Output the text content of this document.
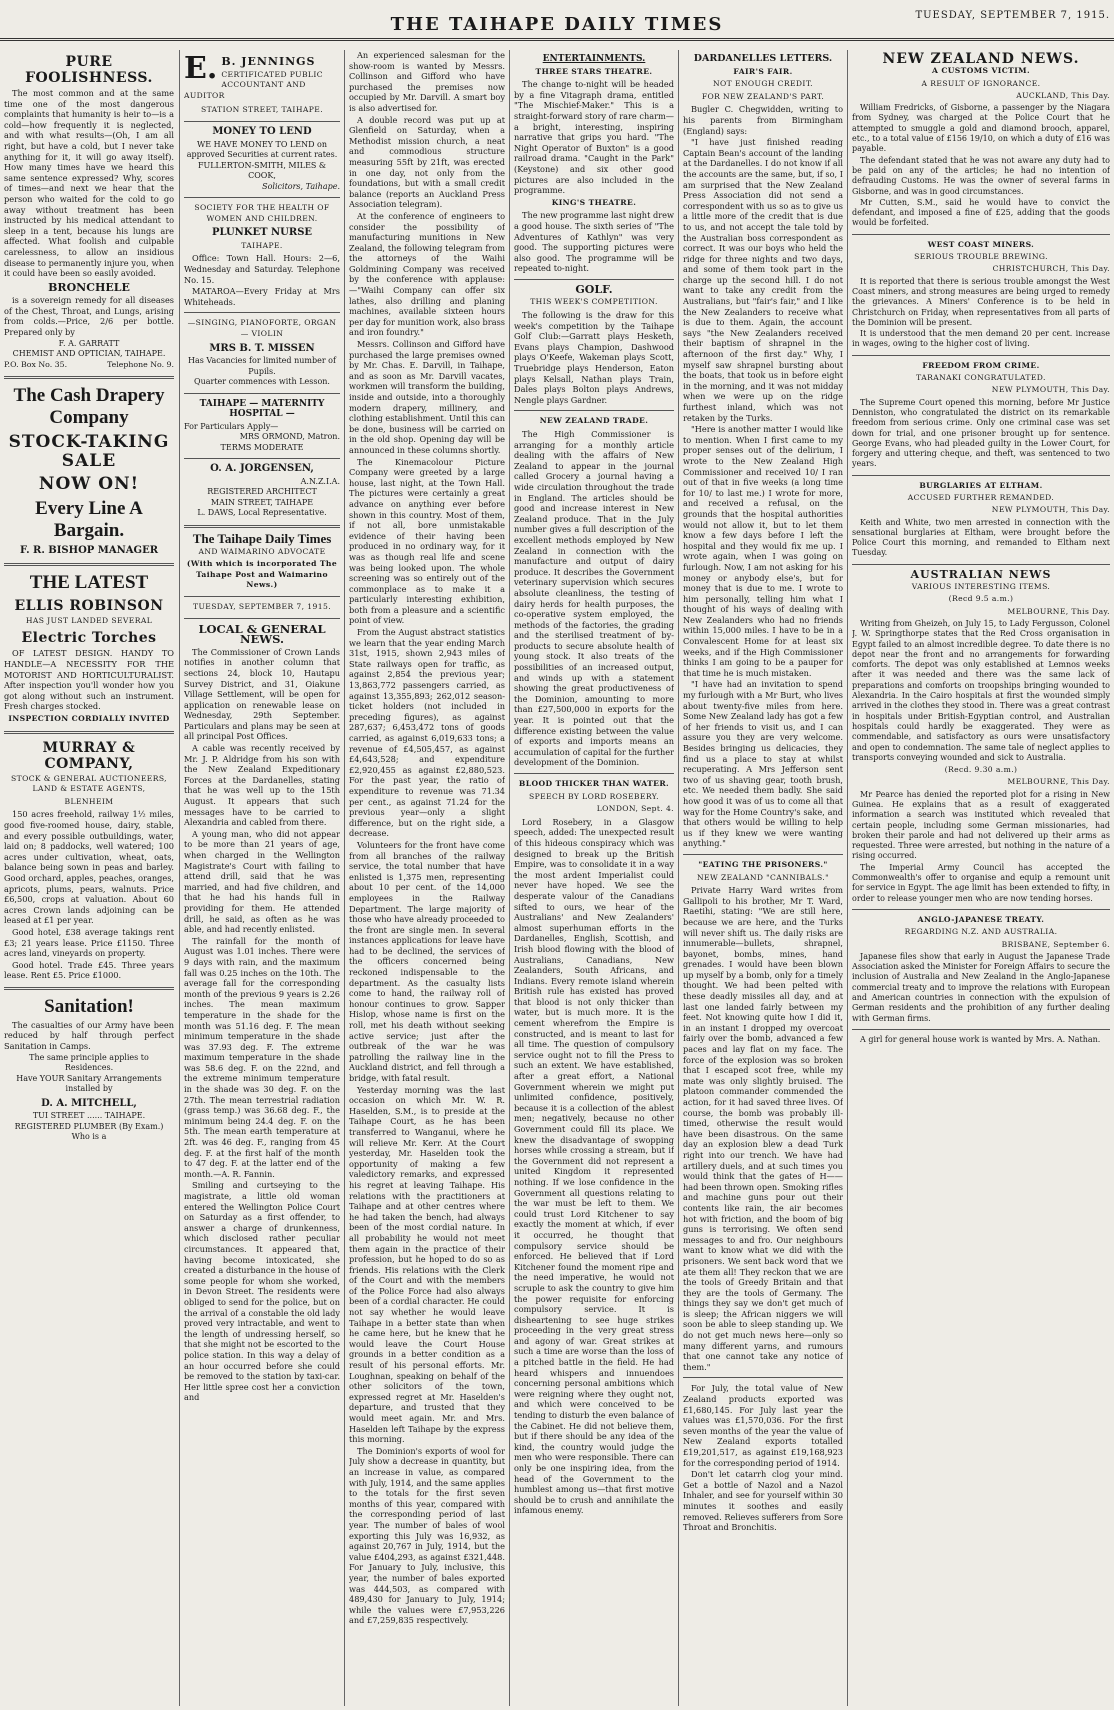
THE TAIHAPE DAILY TIMES	TUESDAY, SEPTEMBER 7, 1915.
PURE FOOLISHNESS.

The most common and at the same time one of the most dangerous complaints that humanity is heir to—is a cold—how frequently it is neglected, and with what results—(Oh, I am all right, but have a cold, but I never take anything for it, it will go away itself). How many times have we heard this same sentence expressed? Why, scores of times—and next we hear that the person who waited for the cold to go away without treatment has been instructed by his medical attendant to sleep in a tent, because his lungs are affected. What foolish and culpable carelessness, to allow an insidious disease to permanently injure you, when it could have been so easily avoided.

BRONCHELE

is a sovereign remedy for all diseases of the Chest, Throat, and Lungs, arising from colds.—Price, 2/6 per bottle. Prepared only by

F. A. GARRATT
CHEMIST AND OPTICIAN, TAIHAPE.
P.O. Box No. 35.	Telephone No. 9.
The Cash Drapery Company
STOCK-TAKING SALE
NOW ON!
Every Line A Bargain.
F. R. BISHOP MANAGER
THE LATEST
ELLIS ROBINSON
HAS JUST LANDED SEVERAL
Electric Torches

OF LATEST DESIGN. HANDY TO HANDLE—A NECESSITY FOR THE MOTORIST AND HORTICULTURALIST. After inspection you'll wonder how you got along without such an instrument. Fresh charges stocked.

INSPECTION CORDIALLY INVITED
MURRAY & COMPANY,
STOCK & GENERAL AUCTIONEERS, LAND & ESTATE AGENTS,
BLENHEIM

150 acres freehold, railway 1½ miles, good five-roomed house, dairy, stable, and every possible outbuildings, water, laid on; 8 paddocks, well watered; 100 acres under cultivation, wheat, oats, balance being sown in peas and barley. Good orchard, apples, peaches, oranges, apricots, plums, pears, walnuts. Price £6,500, crops at valuation. About 60 acres Crown lands adjoining can be leased at £1 per year.

Good hotel, £38 average takings rent £3; 21 years lease. Price £1150. Three acres land, vineyards on property.

Good hotel. Trade £45. Three years lease. Rent £5. Price £1000.

Sanitation!

The casualties of our Army have been reduced by half through perfect Sanitation in Camps.

The same principle applies to Residences.
Have YOUR Sanitary Arrangements installed by
D. A. MITCHELL,
TUI STREET ...... TAIHAPE.
REGISTERED PLUMBER (By Exam.)
Who is a
E. B. JENNINGS
CERTIFICATED PUBLIC ACCOUNTANT AND AUDITOR
STATION STREET, TAIHAPE.
MONEY TO LEND
WE HAVE MONEY TO LEND on approved Securities at current rates.
FULLERTON-SMITH, MILES & COOK,
Solicitors, Taihape.
SOCIETY FOR THE HEALTH OF WOMEN AND CHILDREN.
PLUNKET NURSE
TAIHAPE.

Office: Town Hall. Hours: 2—6, Wednesday and Saturday. Telephone No. 15.

MATAROA—Every Friday at Mrs Whiteheads.

—SINGING, PIANOFORTE, ORGAN— VIOLIN
MRS B. T. MISSEN
Has Vacancies for limited number of Pupils.
Quarter commences with Lesson.
TAIHAPE — MATERNITY HOSPITAL —
For Particulars Apply—
MRS ORMOND, Matron.
TERMS MODERATE
O. A. JORGENSEN,
A.N.Z.I.A.
REGISTERED ARCHITECT
MAIN STREET, TAIHAPE
L. DAWS, Local Representative.
The Taihape Daily Times
AND WAIMARINO ADVOCATE
(With which is incorporated The Taihape Post and Waimarino News.)
TUESDAY, SEPTEMBER 7, 1915.
LOCAL & GENERAL NEWS.

The Commissioner of Crown Lands notifies in another column that sections 24, block 10, Hautapu Survey District, and 31, Oiakune Village Settlement, will be open for application on renewable lease on Wednesday, 29th September. Particulars and plans may be seen at all principal Post Offices.

A cable was recently received by Mr. J. P. Aldridge from his son with the New Zealand Expeditionary Forces at the Dardanelles, stating that he was well up to the 15th August. It appears that such messages have to be carried to Alexandria and cabled from there.

A young man, who did not appear to be more than 21 years of age, when charged in the Wellington Magistrate's Court with failing to attend drill, said that he was married, and had five children, and that he had his hands full in providing for them. He attended drill, he said, as often as he was able, and had recently enlisted.

The rainfall for the month of August was 1.01 inches. There were 9 days with rain, and the maximum fall was 0.25 inches on the 10th. The average fall for the corresponding month of the previous 9 years is 2.26 inches. The mean maximum temperature in the shade for the month was 51.16 deg. F. The mean minimum temperature in the shade was 37.93 deg. F. The extreme maximum temperature in the shade was 58.6 deg. F. on the 22nd, and the extreme minimum temperature in the shade was 30 deg. F. on the 27th. The mean terrestrial radiation (grass temp.) was 36.68 deg. F., the minimum being 24.4 deg. F. on the 5th. The mean earth temperature at 2ft. was 46 deg. F., ranging from 45 deg. F. at the first half of the month to 47 deg. F. at the latter end of the month.—A. R. Fannin.

Smiling and curtseying to the magistrate, a little old woman entered the Wellington Police Court on Saturday as a first offender, to answer a charge of drunkenness, which disclosed rather peculiar circumstances. It appeared that, having become intoxicated, she created a disturbance in the house of some people for whom she worked, in Devon Street. The residents were obliged to send for the police, but on the arrival of a constable the old lady proved very intractable, and went to the length of undressing herself, so that she might not be escorted to the police station. In this way a delay of an hour occurred before she could be removed to the station by taxi-car. Her little spree cost her a conviction and

An experienced salesman for the show-room is wanted by Messrs. Collinson and Gifford who have purchased the premises now occupied by Mr. Darvill. A smart boy is also advertised for.

A double record was put up at Glenfield on Saturday, when a Methodist mission church, a neat and commodious structure measuring 55ft by 21ft, was erected in one day, not only from the foundations, but with a small credit balance (reports an Auckland Press Association telegram).

At the conference of engineers to consider the possibility of manufacturing munitions in New Zealand, the following telegram from the attorneys of the Waihi Goldmining Company was received by the conference with applause:—"Waihi Company can offer six lathes, also drilling and planing machines, available sixteen hours per day for munition work, also brass and iron foundry."

Messrs. Collinson and Gifford have purchased the large premises owned by Mr. Chas. E. Darvill, in Taihape, and as soon as Mr. Darvill vacates, workmen will transform the building, inside and outside, into a thoroughly modern drapery, millinery, and clothing establishment. Until this can be done, business will be carried on in the old shop. Opening day will be announced in these columns shortly.

The Kinemacolour Picture Company were greeted by a large house, last night, at the Town Hall. The pictures were certainly a great advance on anything ever before shown in this country. Most of them, if not all, bore unmistakable evidence of their having been produced in no ordinary way, for it was as though real life and scene was being looked upon. The whole screening was so entirely out of the commonplace as to make it a particularly interesting exhibition, both from a pleasure and a scientific point of view.

From the August abstract statistics we learn that the year ending March 31st, 1915, shown 2,943 miles of State railways open for traffic, as against 2,854 the previous year; 13,863,772 passengers carried, as against 13,355,893; 262,012 season-ticket holders (not included in preceding figures), as against 287,637; 6,453,472 tons of goods carried, as against 6,019,633 tons; a revenue of £4,505,457, as against £4,643,528; and expenditure £2,920,455 as against £2,880,523. For the past year, the ratio of expenditure to revenue was 71.34 per cent., as against 71.24 for the previous year—only a slight difference, but on the right side, a decrease.

Volunteers for the front have come from all branches of the railway service, the total number that have enlisted is 1,375 men, representing about 10 per cent. of the 14,000 employees in the Railway Department. The large majority of those who have already proceeded to the front are single men. In several instances applications for leave have had to be declined, the services of the officers concerned being reckoned indispensable to the department. As the casualty lists come to hand, the railway roll of honour continues to grow. Sapper Hislop, whose name is first on the roll, met his death without seeking active service; just after the outbreak of the war he was patrolling the railway line in the Auckland district, and fell through a bridge, with fatal result.

Yesterday morning was the last occasion on which Mr. W. R. Haselden, S.M., is to preside at the Taihape Court, as he has been transferred to Wanganui, where he will relieve Mr. Kerr. At the Court yesterday, Mr. Haselden took the opportunity of making a few valedictory remarks, and expressed his regret at leaving Taihape. His relations with the practitioners at Taihape and at other centres where he had taken the bench, had always been of the most cordial nature. In all probability he would not meet them again in the practice of their profession, but he hoped to do so as friends. His relations with the Clerk of the Court and with the members of the Police Force had also always been of a cordial character. He could not say whether he would leave Taihape in a better state than when he came here, but he knew that he would leave the Court House grounds in a better condition as a result of his personal efforts. Mr. Loughnan, speaking on behalf of the other solicitors of the town, expressed regret at Mr. Haselden's departure, and trusted that they would meet again. Mr. and Mrs. Haselden left Taihape by the express this morning.

The Dominion's exports of wool for July show a decrease in quantity, but an increase in value, as compared with July, 1914, and the same applies to the totals for the first seven months of this year, compared with the corresponding period of last year. The number of bales of wool exporting this July was 16,932, as against 20,767 in July, 1914, but the value £404,293, as against £321,448. For January to July, inclusive, this year, the number of bales exported was 444,503, as compared with 489,430 for January to July, 1914; while the values were £7,953,226 and £7,259,835 respectively.

ENTERTAINMENTS.
THREE STARS THEATRE.

The change to-night will be headed by a fine Vitagraph drama, entitled "The Mischief-Maker." This is a straight-forward story of rare charm—a bright, interesting, inspiring narrative that grips you hard. "The Night Operator of Buxton" is a good railroad drama. "Caught in the Park" (Keystone) and six other good pictures are also included in the programme.

KING'S THEATRE.

The new programme last night drew a good house. The sixth series of "The Adventures of Kathlyn" was very good. The supporting pictures were also good. The programme will be repeated to-night.

GOLF.
THIS WEEK'S COMPETITION.

The following is the draw for this week's competition by the Taihape Golf Club:—Garratt plays Hesketh, Evans plays Champion, Dashwood plays O'Keefe, Wakeman plays Scott, Truebridge plays Henderson, Eaton plays Kelsall, Nathan plays Train, Dales plays Bolton plays Andrews, Nengle plays Gardner.

NEW ZEALAND TRADE.

The High Commissioner is arranging for a monthly article dealing with the affairs of New Zealand to appear in the journal called Grocery a journal having a wide circulation throughout the trade in England. The articles should be good and increase interest in New Zealand produce. That in the July number gives a full description of the excellent methods employed by New Zealand in connection with the manufacture and output of dairy produce. It describes the Government veterinary supervision which secures absolute cleanliness, the testing of dairy herds for health purposes, the co-operative system employed, the methods of the factories, the grading and the sterilised treatment of by-products to secure absolute health of young stock. It also treats of the possibilities of an increased output, and winds up with a statement showing the great productiveness of the Dominion, amounting to more than £27,500,000 in exports for the year. It is pointed out that the difference existing between the value of exports and imports means an accumulation of capital for the further development of the Dominion.

BLOOD THICKER THAN WATER.
SPEECH BY LORD ROSEBERY.
LONDON, Sept. 4.

Lord Rosebery, in a Glasgow speech, added: The unexpected result of this hideous conspiracy which was designed to break up the British Empire, was to consolidate it in a way the most ardent Imperialist could never have hoped. We see the desperate valour of the Canadians sifted to ours, we hear of the Australians' and New Zealanders' almost superhuman efforts in the Dardanelles, English, Scottish, and Irish blood flowing with the blood of Australians, Canadians, New Zealanders, South Africans, and Indians. Every remote island wherein British rule has existed has proved that blood is not only thicker than water, but is much more. It is the cement wherefrom the Empire is constructed, and is meant to last for all time. The question of compulsory service ought not to fill the Press to such an extent. We have established, after a great effort, a National Government wherein we might put unlimited confidence, positively, because it is a collection of the ablest men; negatively, because no other Government could fill its place. We knew the disadvantage of swopping horses while crossing a stream, but if the Government did not represent a united Kingdom it represented nothing. If we lose confidence in the Government all questions relating to the war must be left to them. We could trust Lord Kitchener to say exactly the moment at which, if ever it occurred, he thought that compulsory service should be enforced. He believed that if Lord Kitchener found the moment ripe and the need imperative, he would not scruple to ask the country to give him the power requisite for enforcing compulsory service. It is disheartening to see huge strikes proceeding in the very great stress and agony of war. Great strikes at such a time are worse than the loss of a pitched battle in the field. He had heard whispers and innuendoes concerning personal ambitions which were reigning where they ought not, and which were conceived to be tending to disturb the even balance of the Cabinet. He did not believe them, but if there should be any idea of the kind, the country would judge the men who were responsible. There can only be one inspiring idea, from the head of the Government to the humblest among us—that first motive should be to crush and annihilate the infamous enemy.

DARDANELLES LETTERS.
FAIR'S FAIR.
NOT ENOUGH CREDIT.
FOR NEW ZEALAND'S PART.

Bugler C. Chegwidden, writing to his parents from Birmingham (England) says:

"I have just finished reading Captain Bean's account of the landing at the Dardanelles. I do not know if all the accounts are the same, but, if so, I am surprised that the New Zealand Press Association did not send a correspondent with us so as to give us a little more of the credit that is due to us, and not accept the tale told by the Australian boss correspondent as correct. It was our boys who held the ridge for three nights and two days, and some of them took part in the charge up the second hill. I do not want to take any credit from the Australians, but "fair's fair," and I like the New Zealanders to receive what is due to them. Again, the account says "the New Zealanders received their baptism of shrapnel in the afternoon of the first day." Why, I myself saw shrapnel bursting about the boats, that took us in before eight in the morning, and it was not midday when we were up on the ridge furthest inland, which was not retaken by the Turks.

"Here is another matter I would like to mention. When I first came to my proper senses out of the delirium, I wrote to the New Zealand High Commissioner and received 10/ I ran out of that in five weeks (a long time for 10/ to last me.) I wrote for more, and received a refusal, on the grounds that the hospital authorities would not allow it, but to let them know a few days before I left the hospital and they would fix me up. I wrote again, when I was going on furlough. Now, I am not asking for his money or anybody else's, but for money that is due to me. I wrote to him personally, telling him what I thought of his ways of dealing with New Zealanders who had no friends within 15,000 miles. I have to be in a Convalescent Home for at least six weeks, and if the High Commissioner thinks I am going to be a pauper for that time he is much mistaken.

"I have had an invitation to spend my furlough with a Mr Burt, who lives about twenty-five miles from here. Some New Zealand lady has got a few of her friends to visit us, and I can assure you they are very welcome. Besides bringing us delicacies, they find us a place to stay at whilst recuperating. A Mrs Jefferson sent two of us shaving gear, tooth brush, etc. We needed them badly. She said how good it was of us to come all that way for the Home Country's sake, and that others would be willing to help us if they knew we were wanting anything."

"EATING THE PRISONERS."
NEW ZEALAND "CANNIBALS."

Private Harry Ward writes from Gallipoli to his brother, Mr T. Ward, Raetihi, stating: "We are still here, because we are here, and the Turks will never shift us. The daily risks are innumerable—bullets, shrapnel, bayonet, bombs, mines, hand grenades. I would have been blown up myself by a bomb, only for a timely thought. We had been pelted with these deadly missiles all day, and at last one landed fairly between my feet. Not knowing quite how I did it, in an instant I dropped my overcoat fairly over the bomb, advanced a few paces and lay flat on my face. The force of the explosion was so broken that I escaped scot free, while my mate was only slightly bruised. The platoon commander commended the action, for it had saved three lives. Of course, the bomb was probably ill-timed, otherwise the result would have been disastrous. On the same day an explosion blew a dead Turk right into our trench. We have had artillery duels, and at such times you would think that the gates of H—— had been thrown open. Smoking rifles and machine guns pour out their contents like rain, the air becomes hot with friction, and the boom of big guns is terrorising. We often send messages to and fro. Our neighbours want to know what we did with the prisoners. We sent back word that we ate them all! They reckon that we are the tools of Greedy Britain and that they are the tools of Germany. The things they say we don't get much of is sleep; the African niggers we will soon be able to sleep standing up. We do not get much news here—only so many different yarns, and rumours that one cannot take any notice of them."

For July, the total value of New Zealand products exported was £1,680,145. For July last year the values was £1,570,036. For the first seven months of the year the value of New Zealand exports totalled £19,201,517, as against £19,168,923 for the corresponding period of 1914.

Don't let catarrh clog your mind. Get a bottle of Nazol and a Nazol Inhaler, and see for yourself within 30 minutes it soothes and easily removed. Relieves sufferers from Sore Throat and Bronchitis.

NEW ZEALAND NEWS.
A CUSTOMS VICTIM.
A RESULT OF IGNORANCE.
AUCKLAND, This Day.

William Fredricks, of Gisborne, a passenger by the Niagara from Sydney, was charged at the Police Court that he attempted to smuggle a gold and diamond brooch, apparel, etc., to a total value of £156 19/10, on which a duty of £16 was payable.

The defendant stated that he was not aware any duty had to be paid on any of the articles; he had no intention of defrauding Customs. He was the owner of several farms in Gisborne, and was in good circumstances.

Mr Cutten, S.M., said he would have to convict the defendant, and imposed a fine of £25, adding that the goods would be forfeited.

WEST COAST MINERS.
SERIOUS TROUBLE BREWING.
CHRISTCHURCH, This Day.

It is reported that there is serious trouble amongst the West Coast miners, and strong measures are being urged to remedy the grievances. A Miners' Conference is to be held in Christchurch on Friday, when representatives from all parts of the Dominion will be present.

It is understood that the men demand 20 per cent. increase in wages, owing to the higher cost of living.

FREEDOM FROM CRIME.
TARANAKI CONGRATULATED.
NEW PLYMOUTH, This Day.

The Supreme Court opened this morning, before Mr Justice Denniston, who congratulated the district on its remarkable freedom from serious crime. Only one criminal case was set down for trial, and one prisoner brought up for sentence. George Evans, who had pleaded guilty in the Lower Court, for forgery and uttering cheque, and theft, was sentenced to two years.

BURGLARIES AT ELTHAM.
ACCUSED FURTHER REMANDED.
NEW PLYMOUTH, This Day.

Keith and White, two men arrested in connection with the sensational burglaries at Eltham, were brought before the Police Court this morning, and remanded to Eltham next Tuesday.

AUSTRALIAN NEWS
VARIOUS INTERESTING ITEMS.
(Recd 9.5 a.m.)
MELBOURNE, This Day.

Writing from Gheizeh, on July 15, to Lady Fergusson, Colonel J. W. Springthorpe states that the Red Cross organisation in Egypt failed to an almost incredible degree. To date there is no depot near the front and no arrangements for forwarding comforts. The depot was only established at Lemnos weeks after it was needed and there was the same lack of preparations and comforts on troopships bringing wounded to Alexandria. In the Cairo hospitals at first the wounded simply arrived in the clothes they stood in. There was a great contrast in hospitals under British-Egyptian control, and Australian hospitals could hardly be exaggerated. They were as commendable, and satisfactory as ours were unsatisfactory and open to condemnation. The same tale of neglect applies to transports conveying wounded and sick to Australia.

(Recd. 9.30 a.m.)
MELBOURNE, This Day.

Mr Pearce has denied the reported plot for a rising in New Guinea. He explains that as a result of exaggerated information a search was instituted which revealed that certain people, including some German missionaries, had broken their parole and had not delivered up their arms as requested. Three were arrested, but nothing in the nature of a rising occurred.

The Imperial Army Council has accepted the Commonwealth's offer to organise and equip a remount unit for service in Egypt. The age limit has been extended to fifty, in order to release younger men who are now tending horses.

ANGLO-JAPANESE TREATY.
REGARDING N.Z. AND AUSTRALIA.
BRISBANE, September 6.

Japanese files show that early in August the Japanese Trade Association asked the Minister for Foreign Affairs to secure the inclusion of Australia and New Zealand in the Anglo-Japanese commercial treaty and to improve the relations with European and American countries in connection with the expulsion of German residents and the prohibition of any further dealing with German firms.

A girl for general house work is wanted by Mrs. A. Nathan.
